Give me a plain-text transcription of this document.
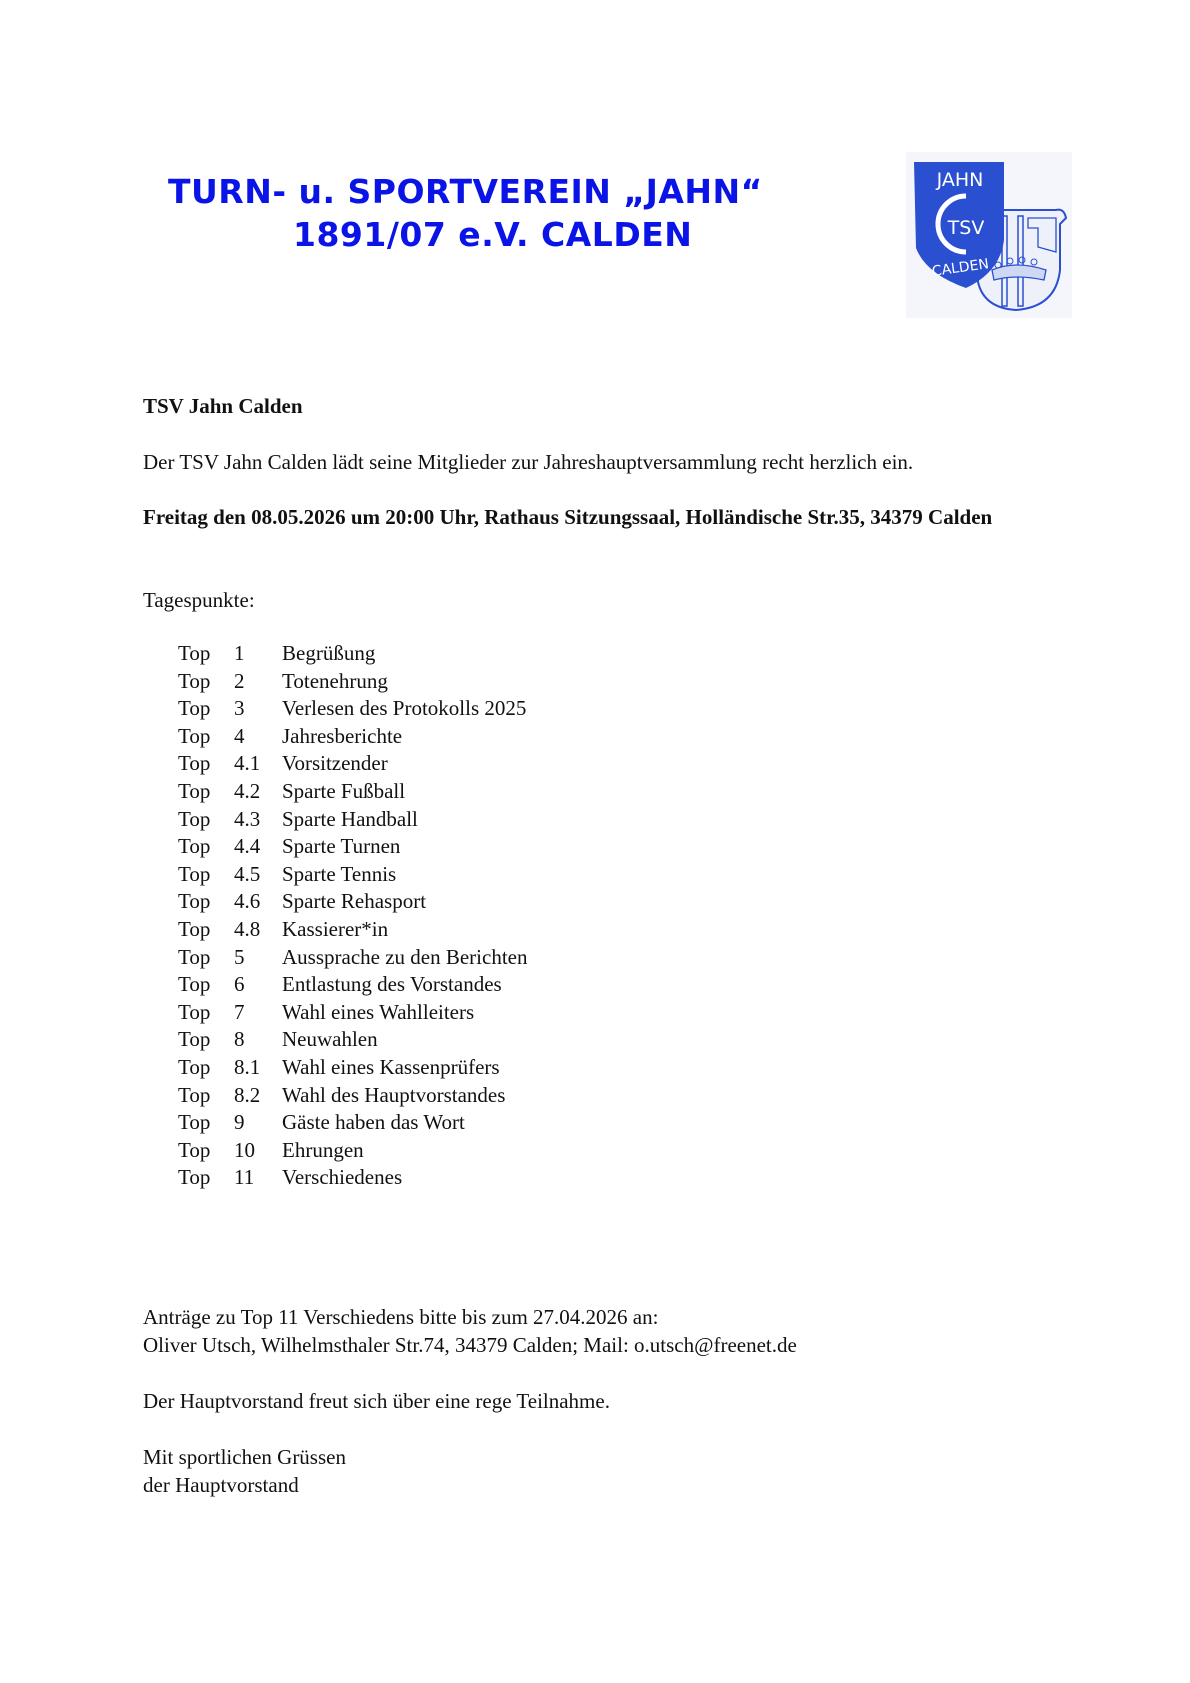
TURN- u. SPORTVEREIN „JAHN“
1891/07 e.V. CALDEN
JAHN
TSV
CALDEN
TSV Jahn Calden
Der TSV Jahn Calden lädt seine Mitglieder zur Jahreshauptversammlung recht herzlich ein.
Freitag den 08.05.2026 um 20:00 Uhr, Rathaus Sitzungssaal, Holländische Str.35, 34379 Calden
Tagespunkte:
Top 1 Begrüßung
Top 2 Totenehrung
Top 3 Verlesen des Protokolls 2025
Top 4 Jahresberichte
Top 4.1 Vorsitzender
Top 4.2 Sparte Fußball
Top 4.3 Sparte Handball
Top 4.4 Sparte Turnen
Top 4.5 Sparte Tennis
Top 4.6 Sparte Rehasport
Top 4.8 Kassierer*in
Top 5 Aussprache zu den Berichten
Top 6 Entlastung des Vorstandes
Top 7 Wahl eines Wahlleiters
Top 8 Neuwahlen
Top 8.1 Wahl eines Kassenprüfers
Top 8.2 Wahl des Hauptvorstandes
Top 9 Gäste haben das Wort
Top 10 Ehrungen
Top 11 Verschiedenes
Anträge zu Top 11 Verschiedens bitte bis zum 27.04.2026 an:
Oliver Utsch, Wilhelmsthaler Str.74, 34379 Calden; Mail: o.utsch@freenet.de
Der Hauptvorstand freut sich über eine rege Teilnahme.
Mit sportlichen Grüssen
der Hauptvorstand
